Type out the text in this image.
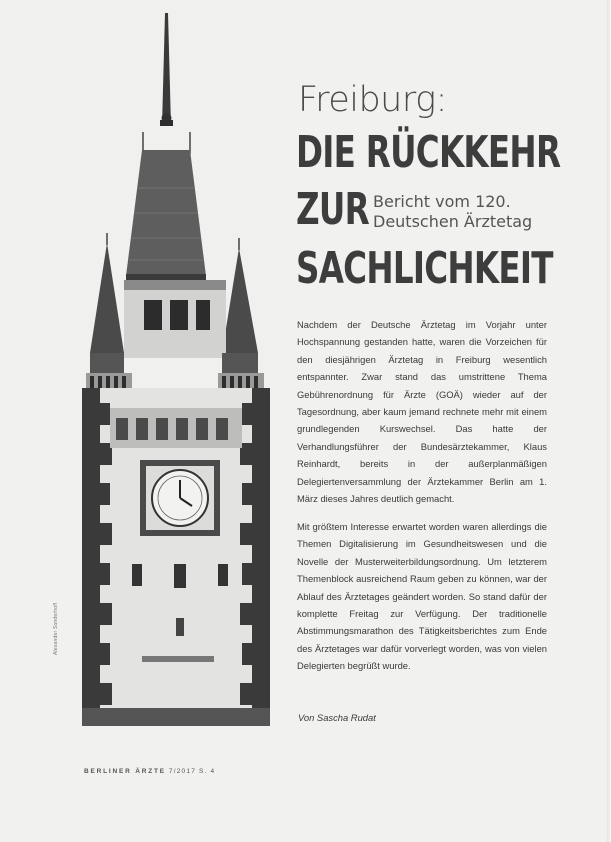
Alexander Sonderhoff
Freiburg:
DIE RÜCKKEHR
ZUR
SACHLICHKEIT
Bericht vom 120.
Deutschen Ärztetag

Nachdem der Deutsche Ärztetag im Vorjahr unter Hochspannung gestanden hatte, waren die Vorzeichen für den diesjährigen Ärztetag in Freiburg wesentlich entspannter. Zwar stand das umstrittene Thema Gebührenordnung für Ärzte (GOÄ) wieder auf der Tagesordnung, aber kaum jemand rechnete mehr mit einem grundlegenden Kurswechsel. Das hatte der Verhandlungsführer der Bundesärztekammer, Klaus Reinhardt, bereits in der außerplanmäßigen Delegiertenversammlung der Ärztekammer Berlin am 1. März dieses Jahres deutlich gemacht.

Mit größtem Interesse erwartet worden waren allerdings die Themen Digitalisierung im Gesundheitswesen und die Novelle der Musterweiterbildungsordnung. Um letzterem Themenblock ausreichend Raum geben zu können, war der Ablauf des Ärztetages geändert worden. So stand dafür der komplette Freitag zur Verfügung. Der traditionelle Abstimmungsmarathon des Tätigkeitsberichtes zum Ende des Ärztetages war dafür vorverlegt worden, was von vielen Delegierten begrüßt wurde.

Von Sascha Rudat
BERLINER ÄRZTE 7/2017 S. 4
